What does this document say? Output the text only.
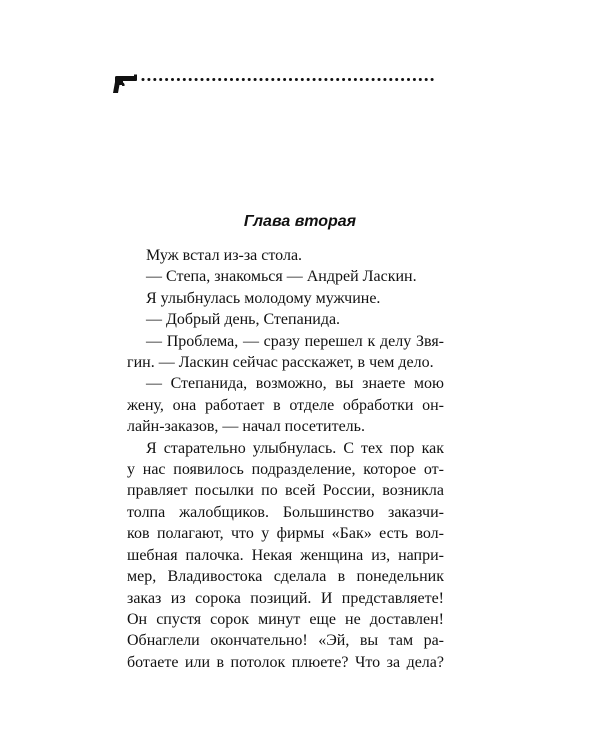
Глава вторая
Муж встал из-за стола.
— Степа, знакомься — Андрей Ласкин.
Я улыбнулась молодому мужчине.
— Добрый день, Степанида.
— Проблема, — сразу перешел к делу Звя-
гин. — Ласкин сейчас расскажет, в чем дело.
— Степанида, возможно, вы знаете мою
жену, она работает в отделе обработки он-
лайн-заказов, — начал посетитель.
Я старательно улыбнулась. С тех пор как
у нас появилось подразделение, которое от-
правляет посылки по всей России, возникла
толпа жалобщиков. Большинство заказчи-
ков полагают, что у фирмы «Бак» есть вол-
шебная палочка. Некая женщина из, напри-
мер, Владивостока сделала в понедельник
заказ из сорока позиций. И представляете!
Он спустя сорок минут еще не доставлен!
Обнаглели окончательно! «Эй, вы там ра-
ботаете или в потолок плюете? Что за дела?
